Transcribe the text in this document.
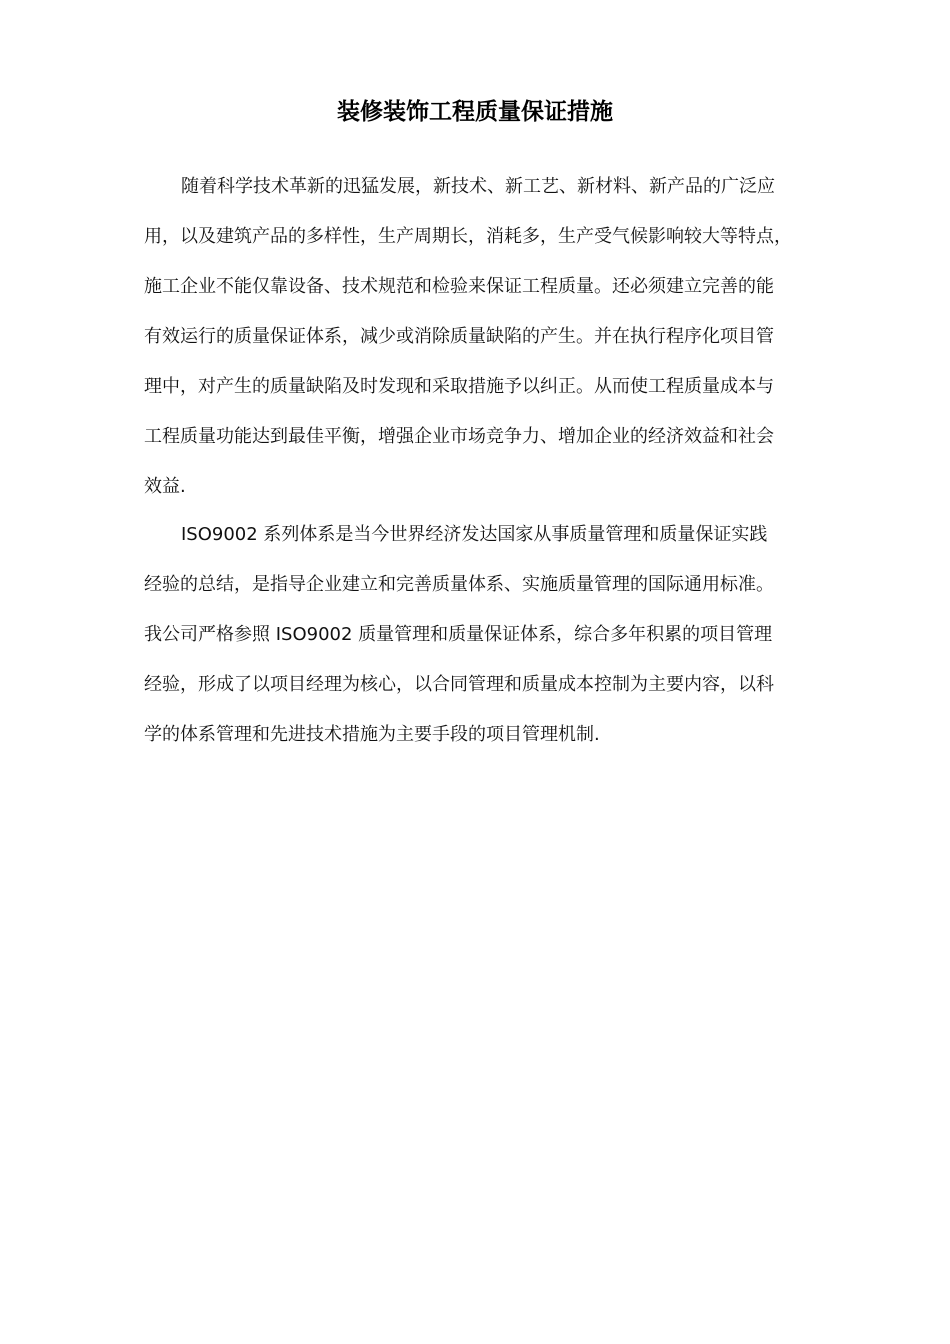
装修装饰工程质量保证措施
随着科学技术革新的迅猛发展，新技术、新工艺、新材料、新产品的广泛应
用，以及建筑产品的多样性，生产周期长，消耗多，生产受气候影响较大等特点，
施工企业不能仅靠设备、技术规范和检验来保证工程质量。还必须建立完善的能
有效运行的质量保证体系，减少或消除质量缺陷的产生。并在执行程序化项目管
理中，对产生的质量缺陷及时发现和采取措施予以纠正。从而使工程质量成本与
工程质量功能达到最佳平衡，增强企业市场竞争力、增加企业的经济效益和社会
效益.
ISO9002 系列体系是当今世界经济发达国家从事质量管理和质量保证实践
经验的总结，是指导企业建立和完善质量体系、实施质量管理的国际通用标准。
我公司严格参照 ISO9002 质量管理和质量保证体系，综合多年积累的项目管理
经验，形成了以项目经理为核心，以合同管理和质量成本控制为主要内容，以科
学的体系管理和先进技术措施为主要手段的项目管理机制.
